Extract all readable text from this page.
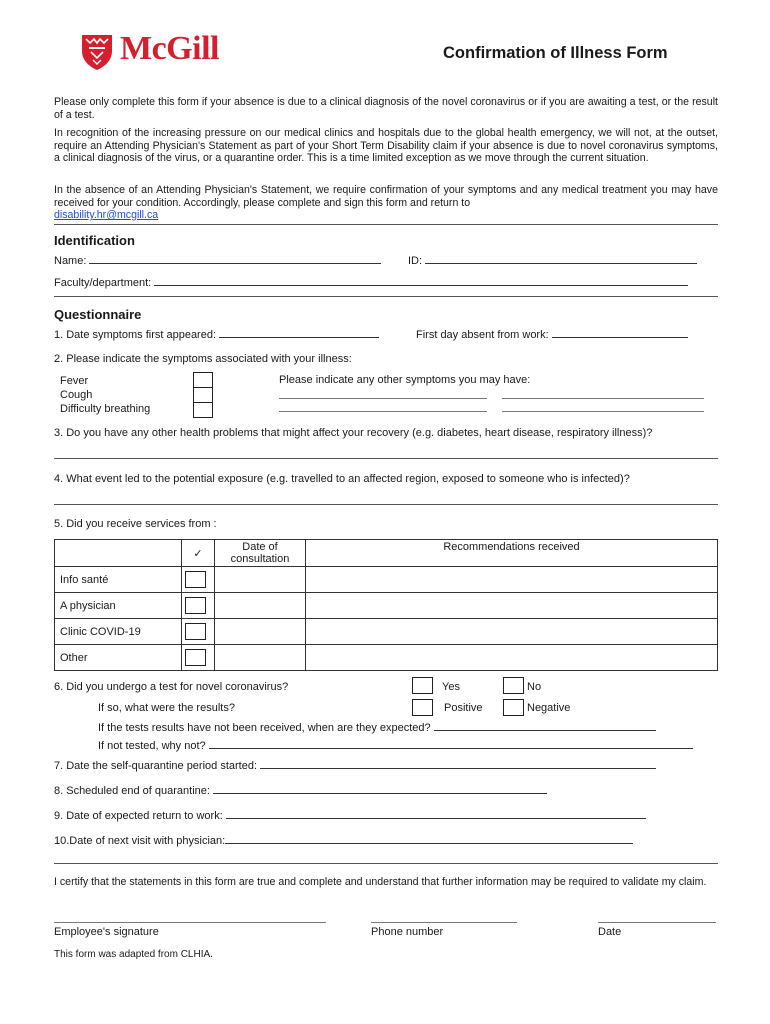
McGill	Confirmation of Illness Form
Please only complete this form if your absence is due to a clinical diagnosis of the novel coronavirus or if you are awaiting a test, or the result of a test.
In recognition of the increasing pressure on our medical clinics and hospitals due to the global health emergency, we will not, at the outset, require an Attending Physician's Statement as part of your Short Term Disability claim if your absence is due to novel coronavirus symptoms, a clinical diagnosis of the virus, or a quarantine order. This is a time limited exception as we move through the current situation.
In the absence of an Attending Physician's Statement, we require confirmation of your symptoms and any medical treatment you may have received for your condition. Accordingly, please complete and sign this form and return to
disability.hr@mcgill.ca
Identification
Name:	ID:
Faculty/department:
Questionnaire
1. Date symptoms first appeared:	First day absent from work:
2. Please indicate the symptoms associated with your illness:
Fever
Cough
Difficulty breathing
Please indicate any other symptoms you may have:
3. Do you have any other health problems that might affect your recovery (e.g. diabetes, heart disease, respiratory illness)?
4. What event led to the potential exposure (e.g. travelled to an affected region, exposed to someone who is infected)?
5. Did you receive services from :
	✓	Date of consultation	Recommendations received
Info santé	

A physician	

Clinic COVID-19	

Other	

6. Did you undergo a test for novel coronavirus?	Yes	No
If so, what were the results?	Positive	Negative
If the tests results have not been received, when are they expected?
If not tested, why not?
7. Date the self-quarantine period started:
8. Scheduled end of quarantine:
9. Date of expected return to work:
10.Date of next visit with physician:
I certify that the statements in this form are true and complete and understand that further information may be required to validate my claim.
Employee's signature	Phone number	Date
This form was adapted from CLHIA.
